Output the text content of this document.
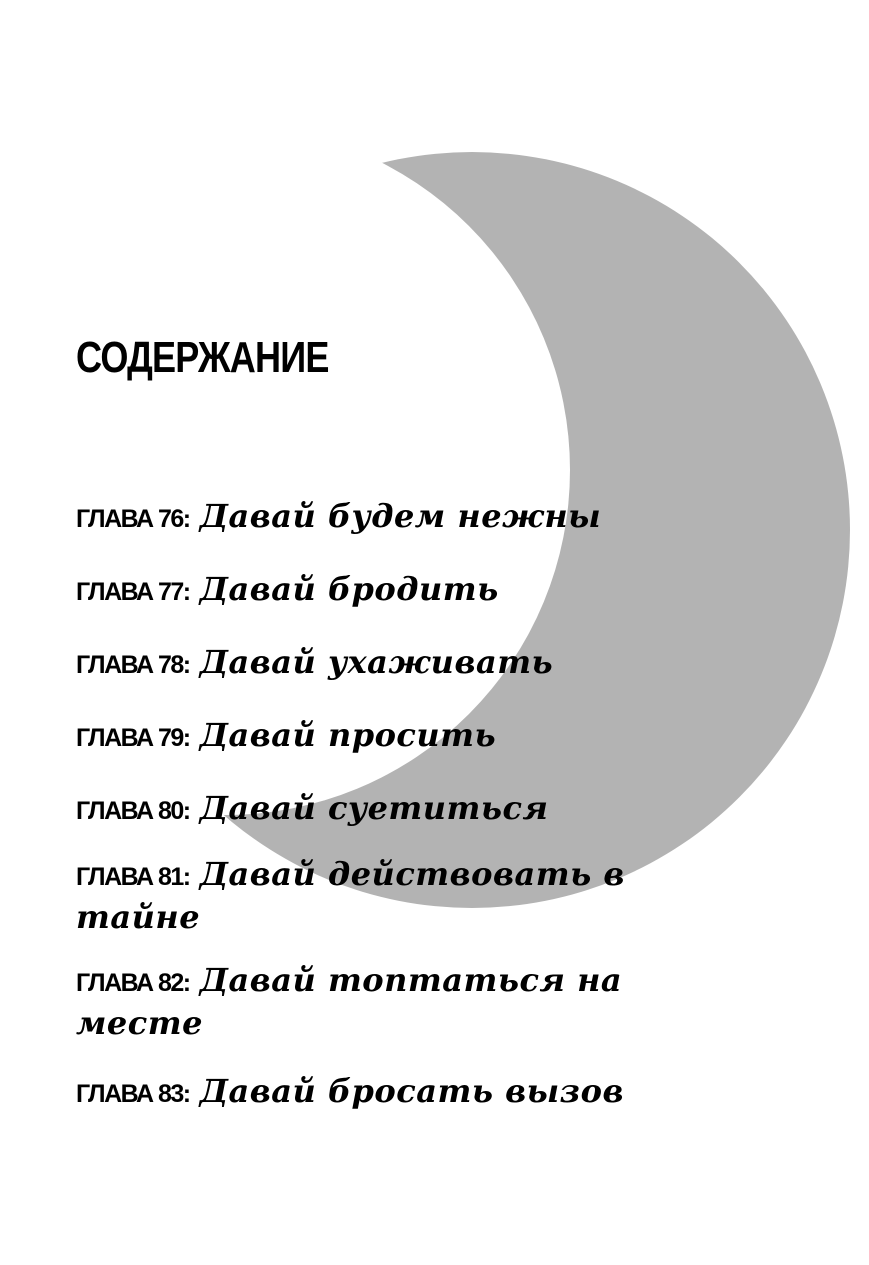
СОДЕРЖАНИЕ
ГЛАВА 76: Давай будем нежны
ГЛАВА 77: Давай бродить
ГЛАВА 78: Давай ухаживать
ГЛАВА 79: Давай просить
ГЛАВА 80: Давай суетиться
ГЛАВА 81: Давай действовать в тайне
ГЛАВА 82: Давай топтаться на месте
ГЛАВА 83: Давай бросать вызов
